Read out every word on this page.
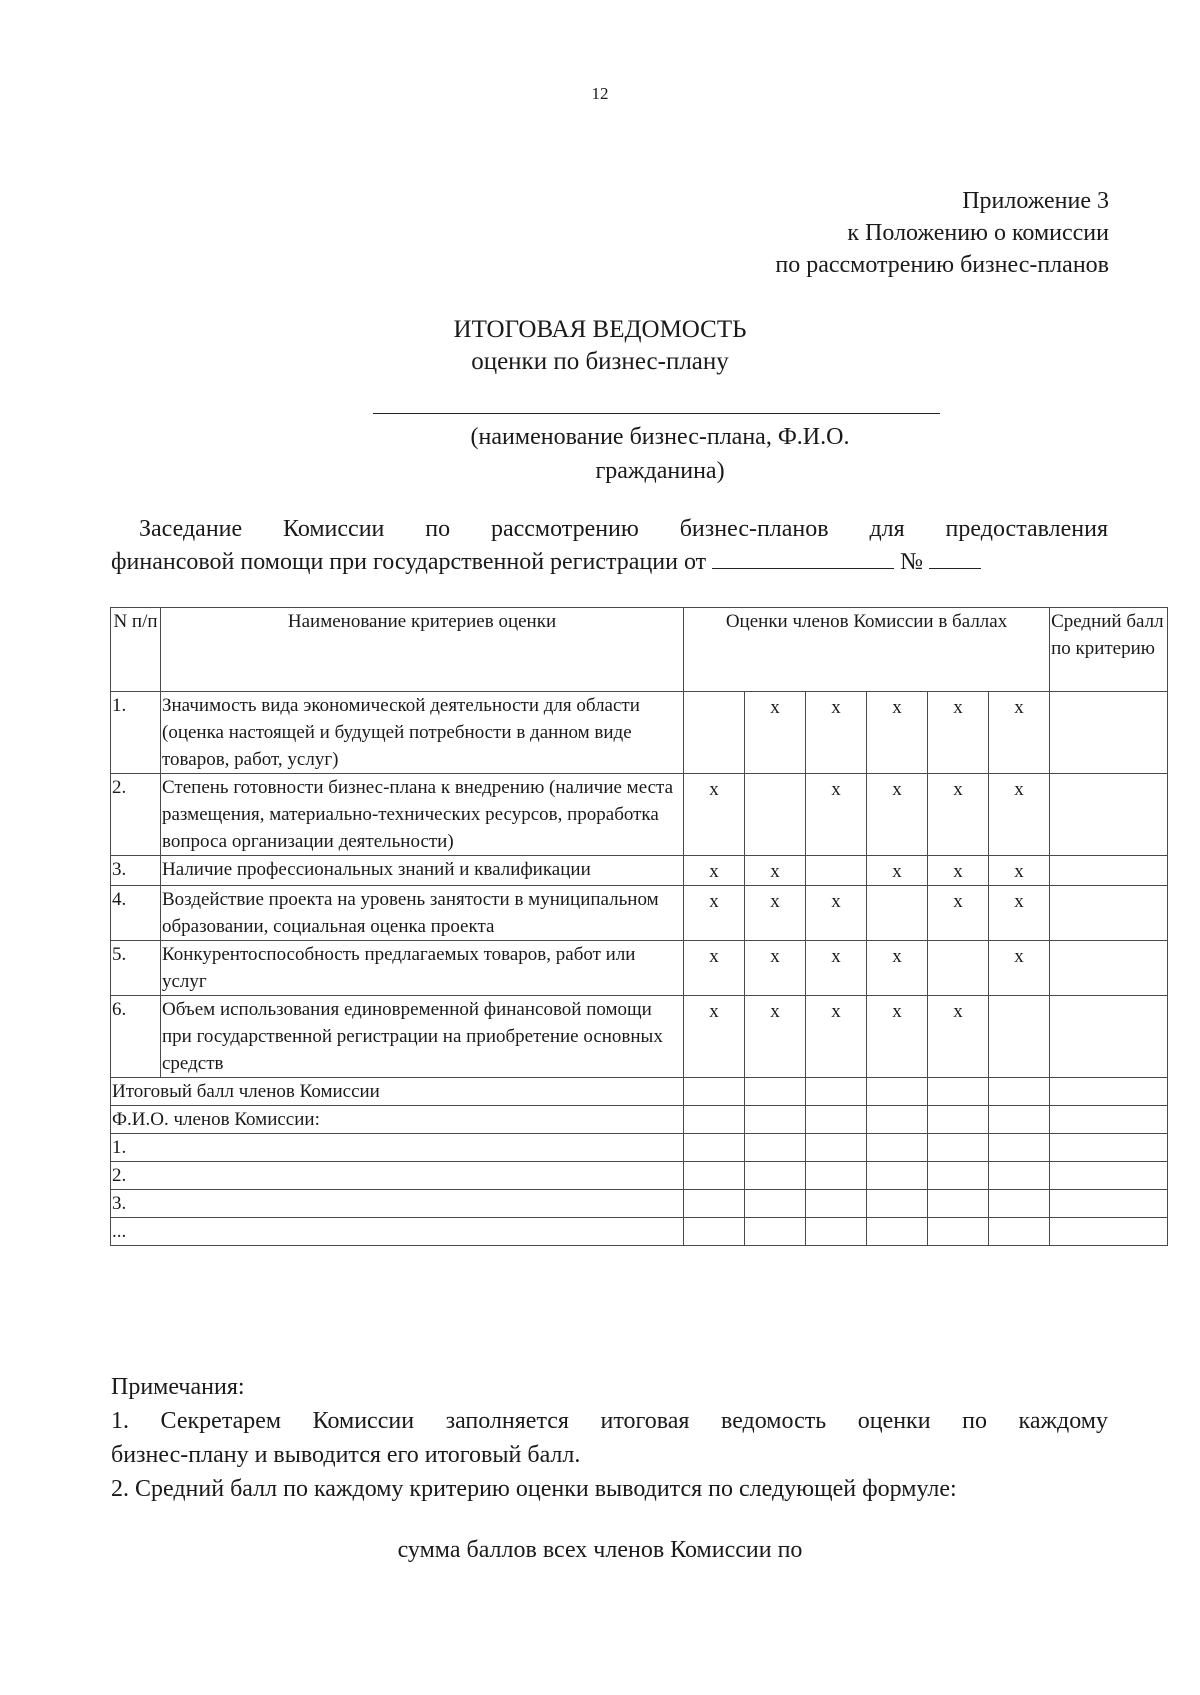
12
Приложение 3
к Положению о комиссии
по рассмотрению бизнес-планов
ИТОГОВАЯ ВЕДОМОСТЬ
оценки по бизнес-плану
(наименование бизнес-плана, Ф.И.О.
гражданина)
Заседание Комиссии по рассмотрению бизнес-планов для предоставления
финансовой помощи при государственной регистрации от	№
N п/п	Наименование критериев оценки	Оценки членов Комиссии в баллах						Средний балл по критерию
1.	Значимость вида экономической деятельности для области (оценка настоящей и будущей потребности в данном виде товаров, работ, услуг)		x	x	x	x	x	
2.	Степень готовности бизнес-плана к внедрению (наличие места размещения, материально-технических ресурсов, проработка вопроса организации деятельности)	x		x	x	x	x	
3.	Наличие профессиональных знаний и квалификации	x	x		x	x	x	
4.	Воздействие проекта на уровень занятости в муниципальном образовании, социальная оценка проекта	x	x	x		x	x	
5.	Конкурентоспособность предлагаемых товаров, работ или услуг	x	x	x	x		x	
6.	Объем использования единовременной финансовой помощи при государственной регистрации на приобретение основных средств	x	x	x	x	x		
Итоговый балл членов Комиссии								
Ф.И.О. членов Комиссии:								
1.								
2.								
3.								
...								
Примечания:
1. Секретарем Комиссии заполняется итоговая ведомость оценки по каждому
бизнес-плану и выводится его итоговый балл.
2. Средний балл по каждому критерию оценки выводится по следующей формуле:
сумма баллов всех членов Комиссии по
